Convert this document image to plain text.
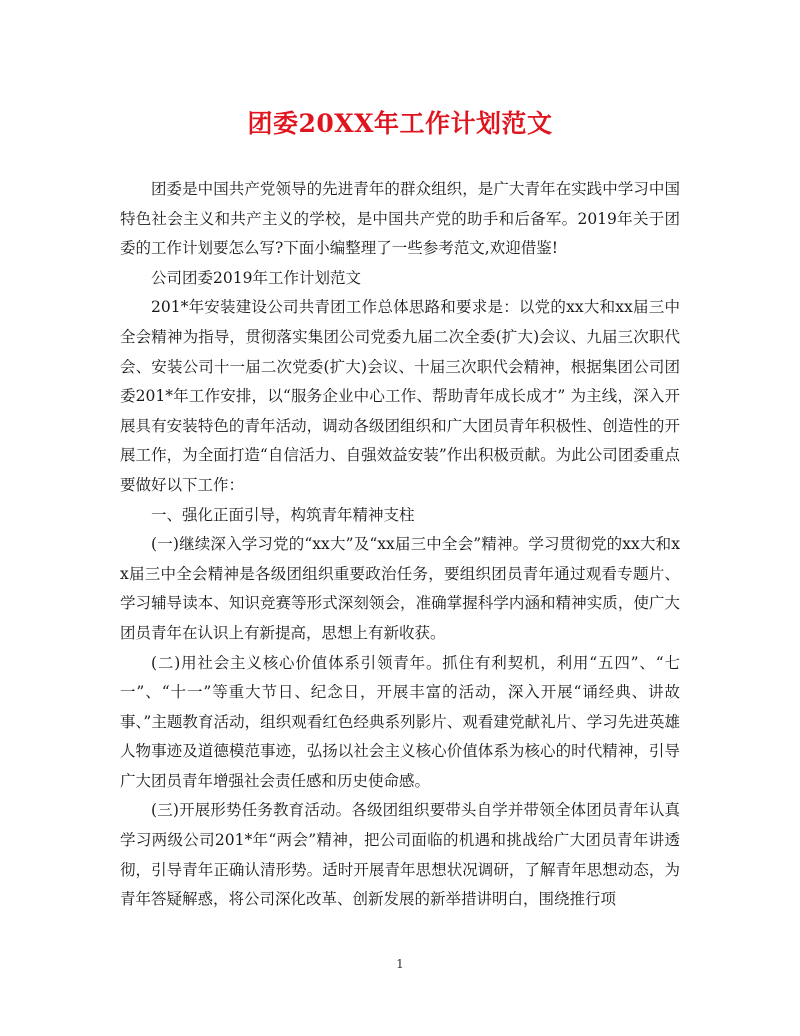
团委20XX年工作计划范文

团委是中国共产党领导的先进青年的群众组织，是广大青年在实践中学习中国特色社会主义和共产主义的学校，是中国共产党的助手和后备军。2019年关于团委的工作计划要怎么写?下面小编整理了一些参考范文,欢迎借鉴!

公司团委2019年工作计划范文

201*年安装建设公司共青团工作总体思路和要求是：以党的xx大和xx届三中全会精神为指导，贯彻落实集团公司党委九届二次全委(扩大)会议、九届三次职代会、安装公司十一届二次党委(扩大)会议、十届三次职代会精神，根据集团公司团委201*年工作安排，以“服务企业中心工作、帮助青年成长成才” 为主线，深入开展具有安装特色的青年活动，调动各级团组织和广大团员青年积极性、创造性的开展工作，为全面打造“自信活力、自强效益安装”作出积极贡献。为此公司团委重点要做好以下工作：

一、强化正面引导，构筑青年精神支柱

(一)继续深入学习党的“xx大”及“xx届三中全会”精神。学习贯彻党的xx大和xx届三中全会精神是各级团组织重要政治任务，要组织团员青年通过观看专题片、学习辅导读本、知识竞赛等形式深刻领会，准确掌握科学内涵和精神实质，使广大团员青年在认识上有新提高，思想上有新收获。

(二)用社会主义核心价值体系引领青年。抓住有利契机，利用“五四”、“七一”、“十一”等重大节日、纪念日，开展丰富的活动，深入开展“诵经典、讲故事、”主题教育活动，组织观看红色经典系列影片、观看建党献礼片、学习先进英雄人物事迹及道德模范事迹，弘扬以社会主义核心价值体系为核心的时代精神，引导广大团员青年增强社会责任感和历史使命感。

(三)开展形势任务教育活动。各级团组织要带头自学并带领全体团员青年认真学习两级公司201*年“两会”精神，把公司面临的机遇和挑战给广大团员青年讲透彻，引导青年正确认清形势。适时开展青年思想状况调研，了解青年思想动态，为青年答疑解惑，将公司深化改革、创新发展的新举措讲明白，围绕推行项

1
